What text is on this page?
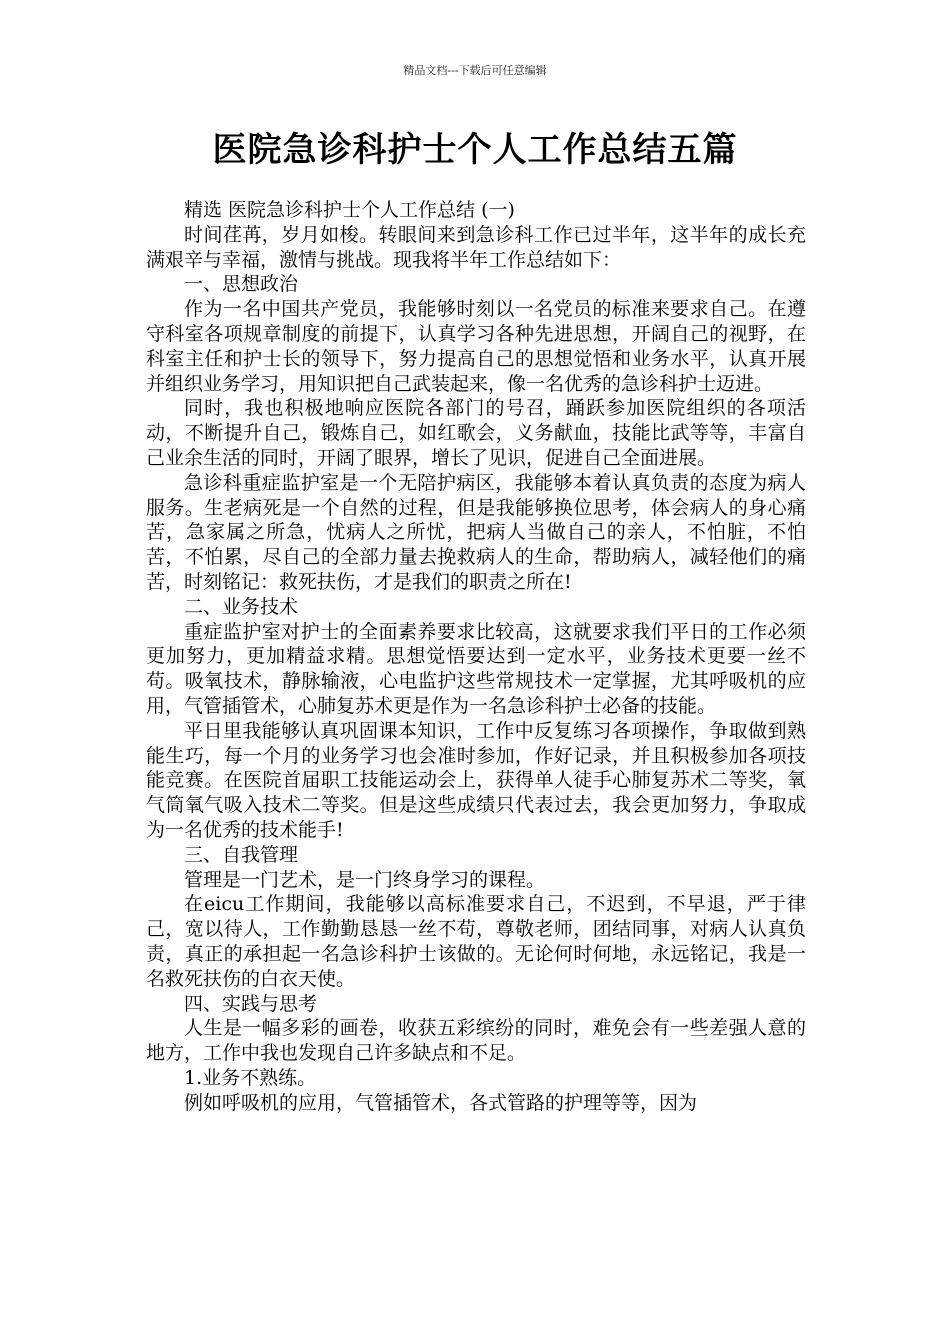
精品文档---下载后可任意编辑
医院急诊科护士个人工作总结五篇

精选 医院急诊科护士个人工作总结 (一)

时间荏苒，岁月如梭。转眼间来到急诊科工作已过半年，这半年的成长充满艰辛与幸福，激情与挑战。现我将半年工作总结如下：

一、思想政治

作为一名中国共产党员，我能够时刻以一名党员的标准来要求自己。在遵守科室各项规章制度的前提下，认真学习各种先进思想，开阔自己的视野，在科室主任和护士长的领导下，努力提高自己的思想觉悟和业务水平，认真开展并组织业务学习，用知识把自己武装起来，像一名优秀的急诊科护士迈进。

同时，我也积极地响应医院各部门的号召，踊跃参加医院组织的各项活动，不断提升自己，锻炼自己，如红歌会，义务献血，技能比武等等，丰富自己业余生活的同时，开阔了眼界，增长了见识，促进自己全面进展。

急诊科重症监护室是一个无陪护病区，我能够本着认真负责的态度为病人服务。生老病死是一个自然的过程，但是我能够换位思考，体会病人的身心痛苦，急家属之所急，忧病人之所忧，把病人当做自己的亲人，不怕脏，不怕苦，不怕累，尽自己的全部力量去挽救病人的生命，帮助病人，减轻他们的痛苦，时刻铭记：救死扶伤，才是我们的职责之所在!

二、业务技术

重症监护室对护士的全面素养要求比较高，这就要求我们平日的工作必须更加努力，更加精益求精。思想觉悟要达到一定水平，业务技术更要一丝不苟。吸氧技术，静脉输液，心电监护这些常规技术一定掌握，尤其呼吸机的应用，气管插管术，心肺复苏术更是作为一名急诊科护士必备的技能。

平日里我能够认真巩固课本知识，工作中反复练习各项操作，争取做到熟能生巧，每一个月的业务学习也会准时参加，作好记录，并且积极参加各项技能竞赛。在医院首届职工技能运动会上，获得单人徒手心肺复苏术二等奖，氧气筒氧气吸入技术二等奖。但是这些成绩只代表过去，我会更加努力，争取成为一名优秀的技术能手!

三、自我管理

管理是一门艺术，是一门终身学习的课程。

在eicu工作期间，我能够以高标准要求自己，不迟到，不早退，严于律己，宽以待人，工作勤勤恳恳一丝不苟，尊敬老师，团结同事，对病人认真负责，真正的承担起一名急诊科护士该做的。无论何时何地，永远铭记，我是一名救死扶伤的白衣天使。

四、实践与思考

人生是一幅多彩的画卷，收获五彩缤纷的同时，难免会有一些差强人意的地方，工作中我也发现自己许多缺点和不足。

1.业务不熟练。

例如呼吸机的应用，气管插管术，各式管路的护理等等，因为
